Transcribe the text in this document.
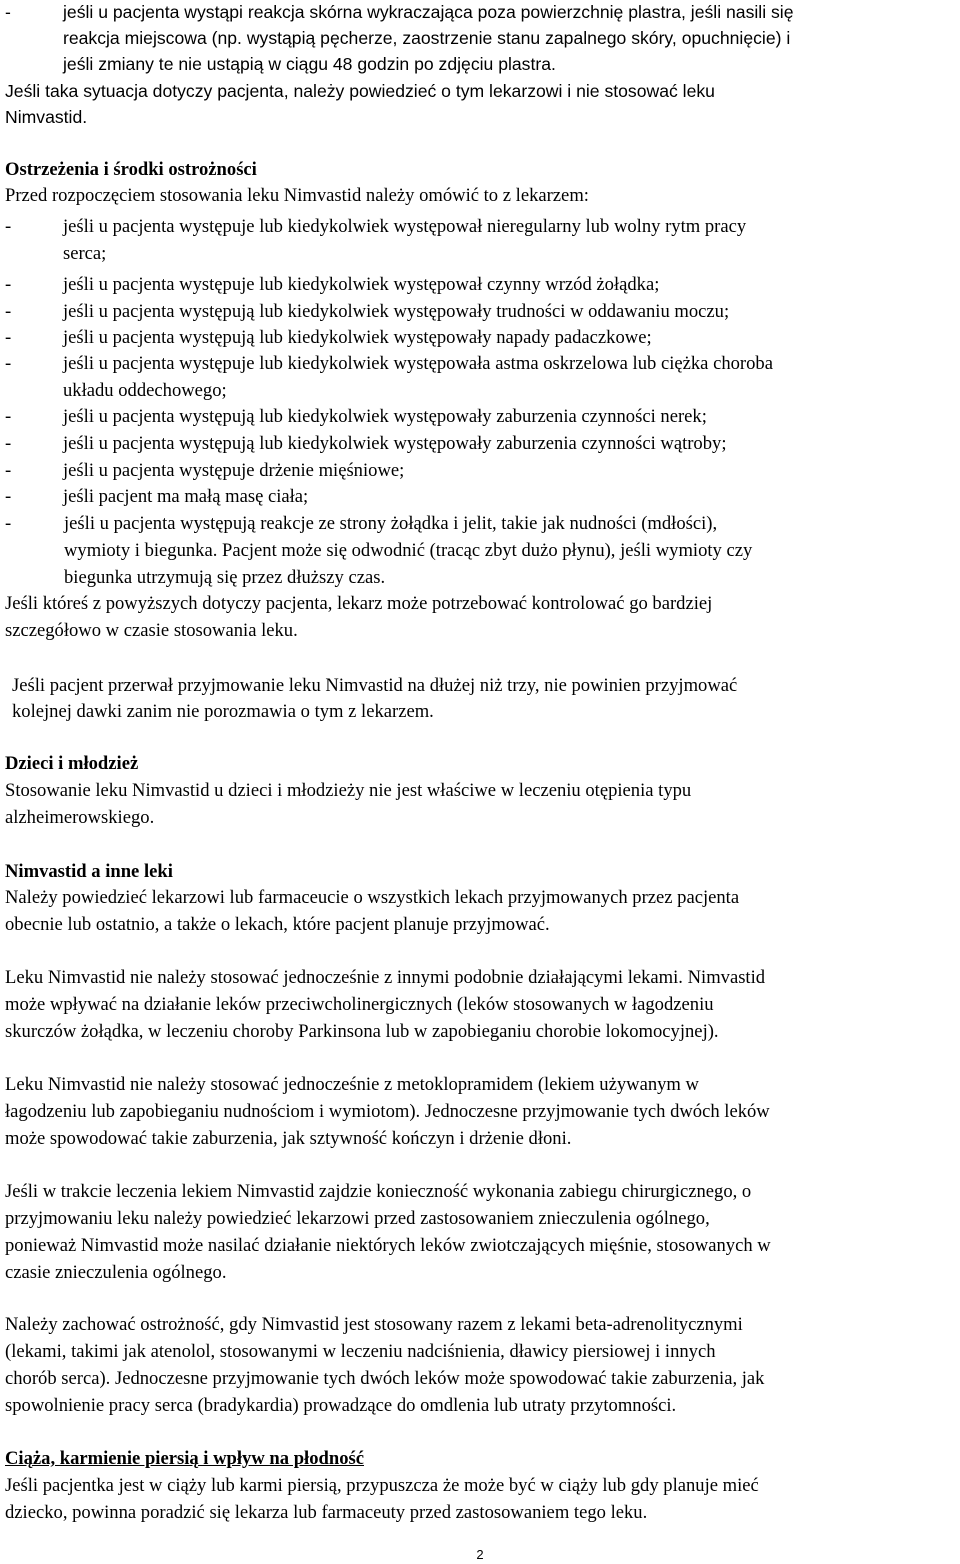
-	jeśli u pacjenta wystąpi reakcja skórna wykraczająca poza powierzchnię plastra, jeśli nasili się
reakcja miejscowa (np. wystąpią pęcherze, zaostrzenie stanu zapalnego skóry, opuchnięcie) i
jeśli zmiany te nie ustąpią w ciągu 48 godzin po zdjęciu plastra.
Jeśli taka sytuacja dotyczy pacjenta, należy powiedzieć o tym lekarzowi i nie stosować leku
Nimvastid.
Ostrzeżenia i środki ostrożności
Przed rozpoczęciem stosowania leku Nimvastid należy omówić to z lekarzem:
-	jeśli u pacjenta występuje lub kiedykolwiek występował nieregularny lub wolny rytm pracy
serca;
-	jeśli u pacjenta występuje lub kiedykolwiek występował czynny wrzód żołądka;
-	jeśli u pacjenta występują lub kiedykolwiek występowały trudności w oddawaniu moczu;
-	jeśli u pacjenta występują lub kiedykolwiek występowały napady padaczkowe;
-	jeśli u pacjenta występuje lub kiedykolwiek występowała astma oskrzelowa lub ciężka choroba
układu oddechowego;
-	jeśli u pacjenta występują lub kiedykolwiek występowały zaburzenia czynności nerek;
-	jeśli u pacjenta występują lub kiedykolwiek występowały zaburzenia czynności wątroby;
-	jeśli u pacjenta występuje drżenie mięśniowe;
-	jeśli pacjent ma małą masę ciała;
-	jeśli u pacjenta występują reakcje ze strony żołądka i jelit, takie jak nudności (mdłości),
wymioty i biegunka. Pacjent może się odwodnić (tracąc zbyt dużo płynu), jeśli wymioty czy
biegunka utrzymują się przez dłuższy czas.
Jeśli któreś z powyższych dotyczy pacjenta, lekarz może potrzebować kontrolować go bardziej
szczegółowo w czasie stosowania leku.
Jeśli pacjent przerwał przyjmowanie leku Nimvastid na dłużej niż trzy, nie powinien przyjmować
kolejnej dawki zanim nie porozmawia o tym z lekarzem.
Dzieci i młodzież
Stosowanie leku Nimvastid u dzieci i młodzieży nie jest właściwe w leczeniu otępienia typu
alzheimerowskiego.
Nimvastid a inne leki
Należy powiedzieć lekarzowi lub farmaceucie o wszystkich lekach przyjmowanych przez pacjenta
obecnie lub ostatnio, a także o lekach, które pacjent planuje przyjmować.
Leku Nimvastid nie należy stosować jednocześnie z innymi podobnie działającymi lekami. Nimvastid
może wpływać na działanie leków przeciwcholinergicznych (leków stosowanych w łagodzeniu
skurczów żołądka, w leczeniu choroby Parkinsona lub w zapobieganiu chorobie lokomocyjnej).
Leku Nimvastid nie należy stosować jednocześnie z metoklopramidem (lekiem używanym w
łagodzeniu lub zapobieganiu nudnościom i wymiotom). Jednoczesne przyjmowanie tych dwóch leków
może spowodować takie zaburzenia, jak sztywność kończyn i drżenie dłoni.
Jeśli w trakcie leczenia lekiem Nimvastid zajdzie konieczność wykonania zabiegu chirurgicznego, o
przyjmowaniu leku należy powiedzieć lekarzowi przed zastosowaniem znieczulenia ogólnego,
ponieważ Nimvastid może nasilać działanie niektórych leków zwiotczających mięśnie, stosowanych w
czasie znieczulenia ogólnego.
Należy zachować ostrożność, gdy Nimvastid jest stosowany razem z lekami beta-adrenolitycznymi
(lekami, takimi jak atenolol, stosowanymi w leczeniu nadciśnienia, dławicy piersiowej i innych
chorób serca). Jednoczesne przyjmowanie tych dwóch leków może spowodować takie zaburzenia, jak
spowolnienie pracy serca (bradykardia) prowadzące do omdlenia lub utraty przytomności.
Ciąża, karmienie piersią i wpływ na płodność
Jeśli pacjentka jest w ciąży lub karmi piersią, przypuszcza że może być w ciąży lub gdy planuje mieć
dziecko, powinna poradzić się lekarza lub farmaceuty przed zastosowaniem tego leku.
2
